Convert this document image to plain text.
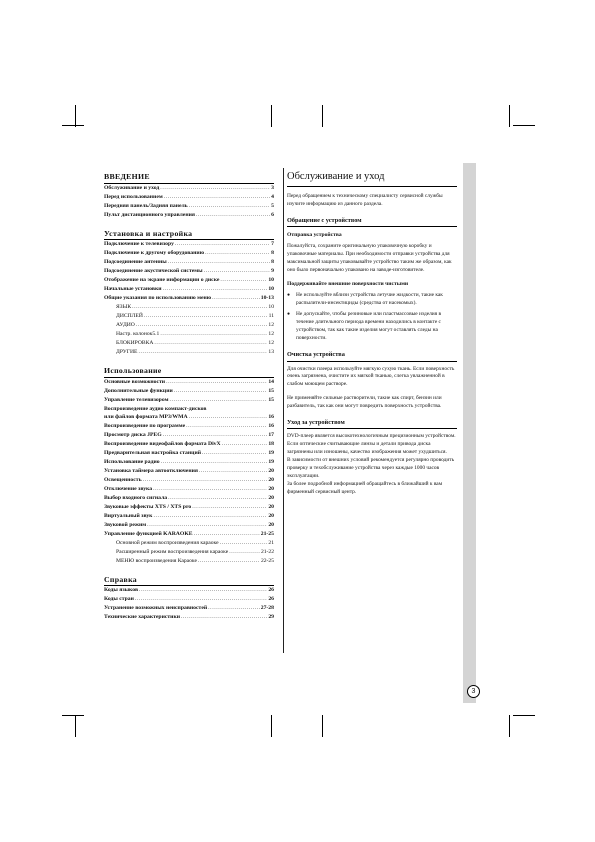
3
ВВЕДЕНИЕ
Обслуживание и уход .....	3
Перед использованием .....	4
Передняя панель/Задняя панель .....	5
Пульт дистанционного управления .....	6
Установка и настройка
Подключение к телевизору .....	7
Подключение к другому оборудованию .....	8
Подсоединение антенны .....	8
Подсоединение акустической системы .....	9
Отображение на экране информации о диске .....	10
Начальные установки .....	10
Общие указания по использованию меню .....	10-13
ЯЗЫК .....	10
ДИСПЛЕЙ .....	11
АУДИО .....	12
Настр. колонок5.1 .....	12
БЛОКИРОВКА .....	12
ДРУГИЕ .....	13
Использование
Основные возможности .....	14
Дополнительные функции .....	15
Управление телевизором .....	15
Воспроизведение аудио компакт-дисков
или файлов формата MP3/WMA .....	16
Воспроизведение по программе .....	16
Просмотр диска JPEG .....	17
Воспроизведение видеофайлов формата DivX .....	18
Предварительная настройка станций .....	19
Использование радио .....	19
Установка таймера автоотключения .....	20
Освещенность .....	20
Отключение звука .....	20
Выбор входного сигнала .....	20
Звуковые эффекты XTS / XTS pro .....	20
Виртуальный звук .....	20
Звуковой режим .....	20
Управление функцией KARAOKE .....	21-25
Основной режим воспроизведения караоке .....	21
Расширенный режим воспроизведения караоке .....	21-22
МЕНЮ воспроизведения Караоке .....	22-25
Справка
Коды языков .....	26
Коды стран .....	26
Устранение возможных неисправностей .....	27-28
Технические характеристики .....	29
Обслуживание и уход

Перед обращением к техническому специалисту сервисной службы изучите информацию из данного раздела.

Обращение с устройством
Отправка устройства

Пожалуйста, сохраните оригинальную упаковочную коробку и упаковочные материалы. При необходимости отправки устройства для максимальной защиты упаковывайте устройство таким же образом, как оно было первоначально упаковано на заводе-изготовителе.

Поддерживайте внешние поверхности чистыми
●	Не используйте вблизи устройства летучие жидкости, такие как распылители-инсектициды (средства от насекомых).
●	Не допускайте, чтобы резиновые или пластмассовые изделия в течение длительного периода времени находились в контакте с устройством, так как такие изделия могут оставлять следы на поверхности.
Очистка устройства

Для очистки плеера используйте мягкую сухую ткань. Если поверхность очень загрязнена, очистите их мягкой тканью, слегка увлажненной в слабом моющем растворе.

Не применяйте сильные растворители, такие как спирт, бензин или разбавитель, так как они могут повредить поверхность устройства.

Уход за устройством

DVD-плеер является высокотехнологичным прецизионным устройством. Если оптические считывающие линзы и детали привода диска загрязнены или изношены, качество изображения может ухудшиться.

В зависимости от внешних условий рекомендуется регулярно проводить проверку и техобслуживание устройства через каждые 1000 часов эксплуатации.

За более подробной информацией обращайтесь в ближайший к вам фирменный сервисный центр.
